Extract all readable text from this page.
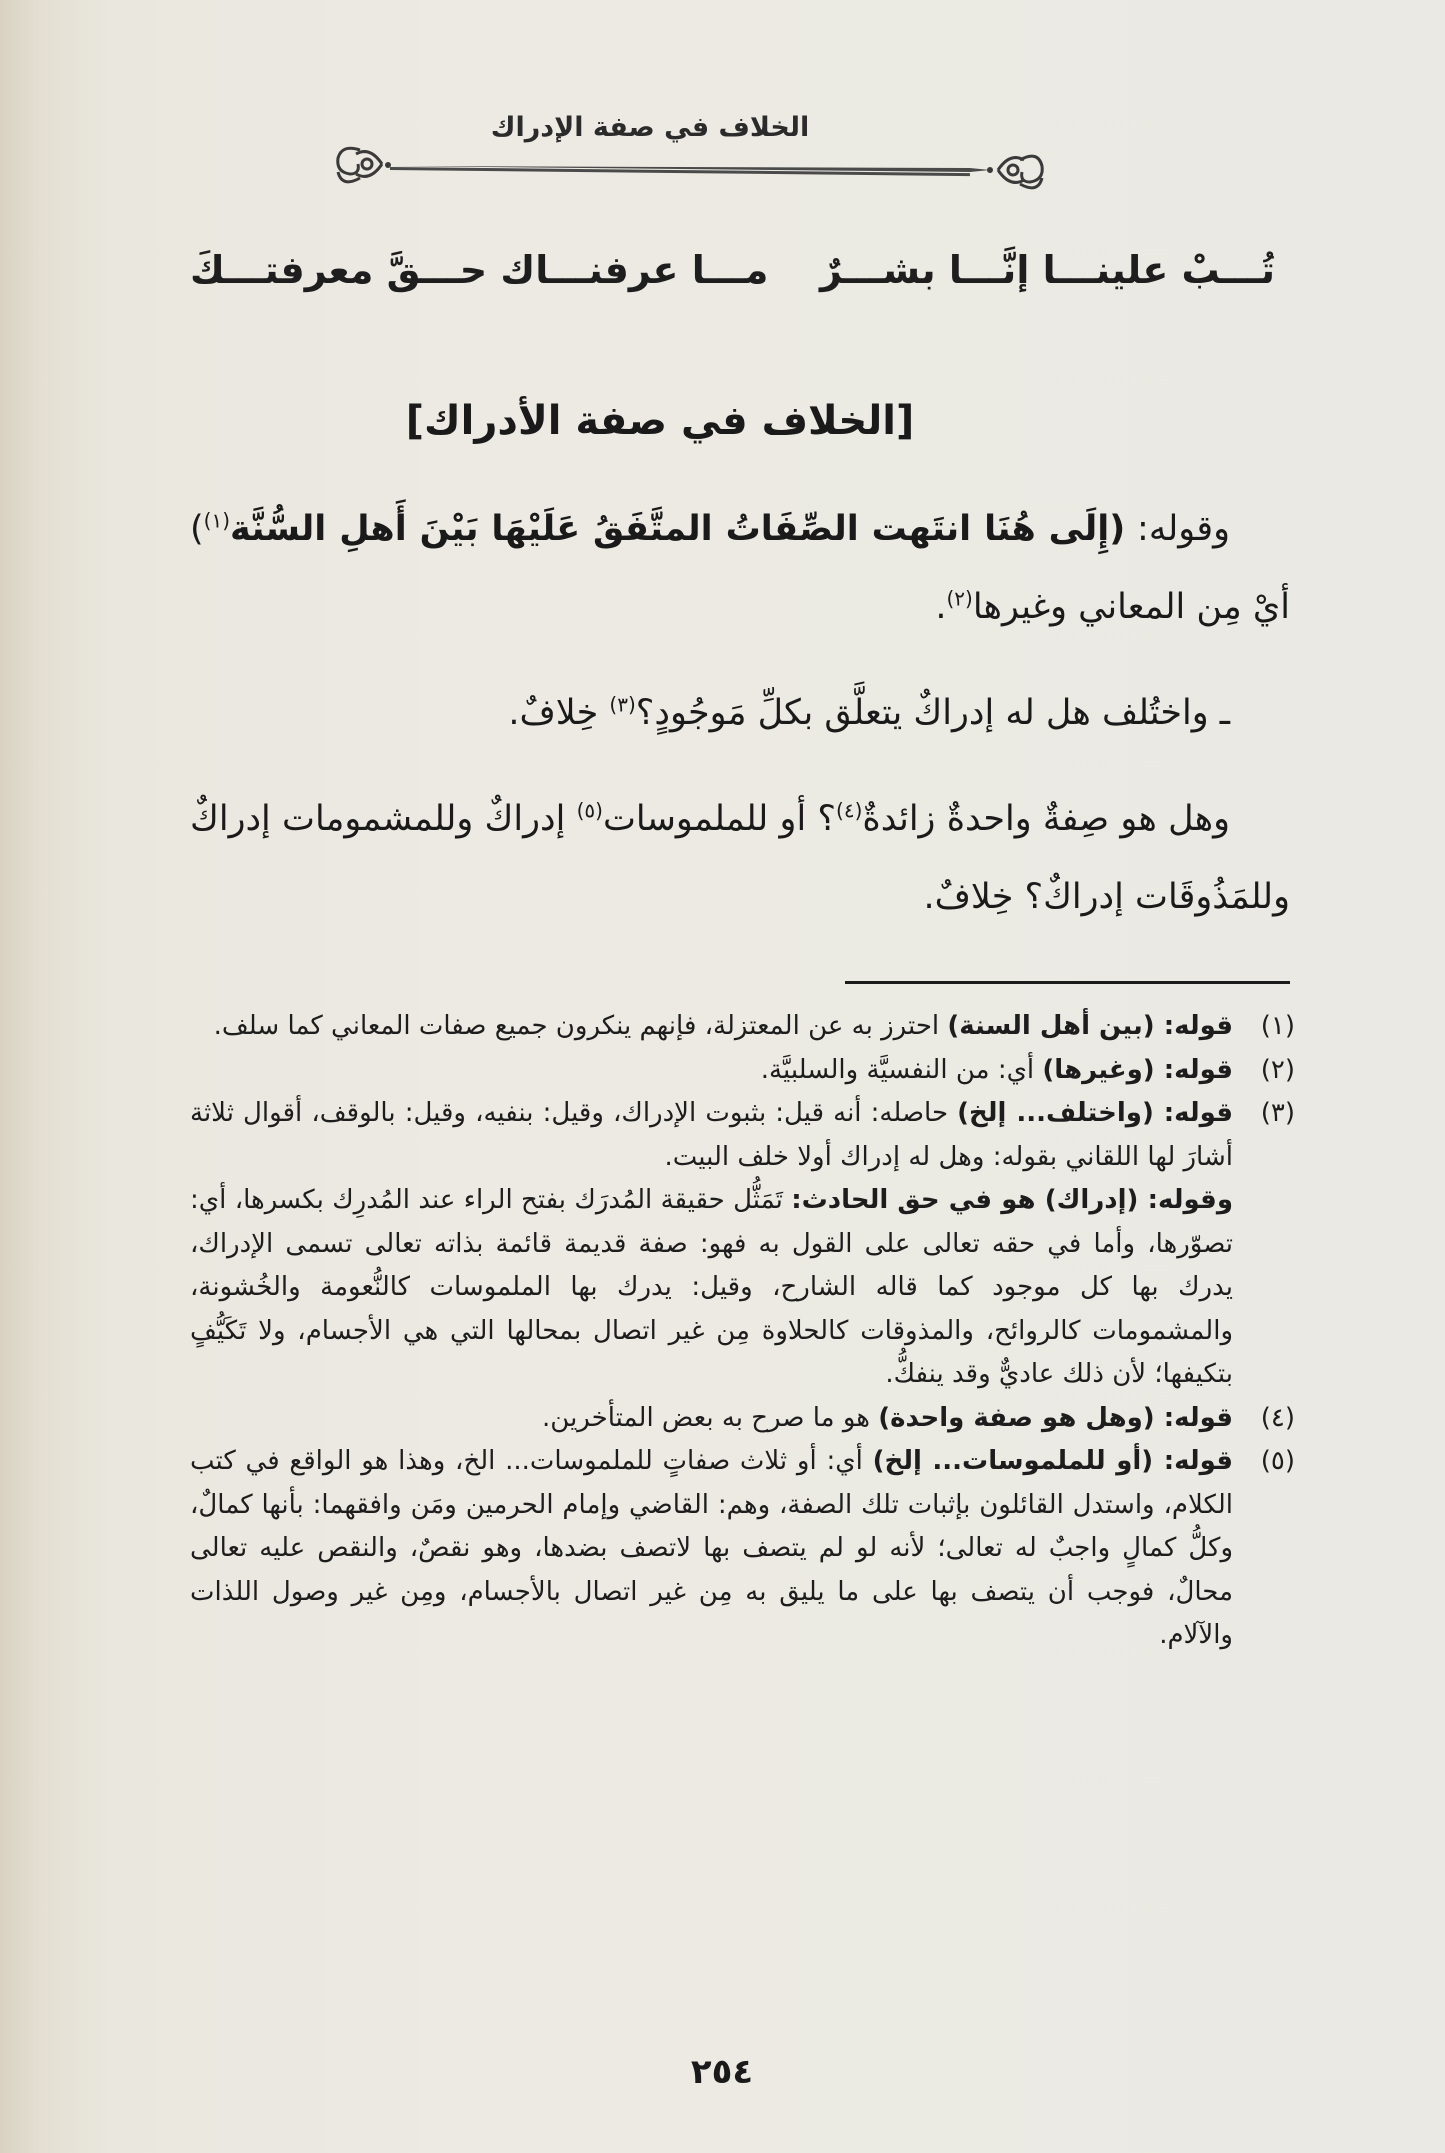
الخلاف في صفة الإدراك
تُـــبْ علينـــا إنَّـــا بشـــرٌ
مـــا عرفنـــاك حـــقَّ معرفتـــكَ
[الخلاف في صفة الأدراك]

وقوله: (إِلَى هُنَا انتَهت الصِّفَاتُ المتَّفَقُ عَلَيْهَا بَيْنَ أَهلِ السُّنَّة$^{(١)}$) أيْ مِن المعاني وغيرها$^{(٢)}$.

ـ واختُلف هل له إدراكٌ يتعلَّق بكلِّ مَوجُودٍ؟$^{(٣)}$ خِلافٌ.

وهل هو صِفةٌ واحدةٌ زائدةٌ$^{(٤)}$؟ أو للملموسات$^{(٥)}$ إدراكٌ وللمشمومات إدراكٌ وللمَذُوقَات إدراكٌ؟ خِلافٌ.

(١)
قوله: (بين أهل السنة) احترز به عن المعتزلة، فإنهم ينكرون جميع صفات المعاني كما سلف.

(٢)
قوله: (وغيرها) أي: من النفسيَّة والسلبيَّة.

(٣)
قوله: (واختلف... إلخ) حاصله: أنه قيل: بثبوت الإدراك، وقيل: بنفيه، وقيل: بالوقف، أقوال ثلاثة أشارَ لها اللقاني بقوله: وهل له إدراك أولا خلف البيت.

وقوله: (إدراك) هو في حق الحادث: تَمَثُّل حقيقة المُدرَك بفتح الراء عند المُدرِك بكسرها، أي: تصوّرها، وأما في حقه تعالى على القول به فهو: صفة قديمة قائمة بذاته تعالى تسمى الإدراك، يدرك بها كل موجود كما قاله الشارح، وقيل: يدرك بها الملموسات كالنُّعومة والخُشونة، والمشمومات كالروائح، والمذوقات كالحلاوة مِن غير اتصال بمحالها التي هي الأجسام، ولا تَكَيُّفٍ بتكيفها؛ لأن ذلك عاديٌّ وقد ينفكُّ.

(٤)
قوله: (وهل هو صفة واحدة) هو ما صرح به بعض المتأخرين.

(٥)
قوله: (أو للملموسات... إلخ) أي: أو ثلاث صفاتٍ للملموسات... الخ، وهذا هو الواقع في كتب الكلام، واستدل القائلون بإثبات تلك الصفة، وهم: القاضي وإمام الحرمين ومَن وافقهما: بأنها كمالٌ، وكلُّ كمالٍ واجبٌ له تعالى؛ لأنه لو لم يتصف بها لاتصف بضدها، وهو نقصٌ، والنقص عليه تعالى محالٌ، فوجب أن يتصف بها على ما يليق به مِن غير اتصال بالأجسام، ومِن غير وصول اللذات والآلام.

٢٥٤
